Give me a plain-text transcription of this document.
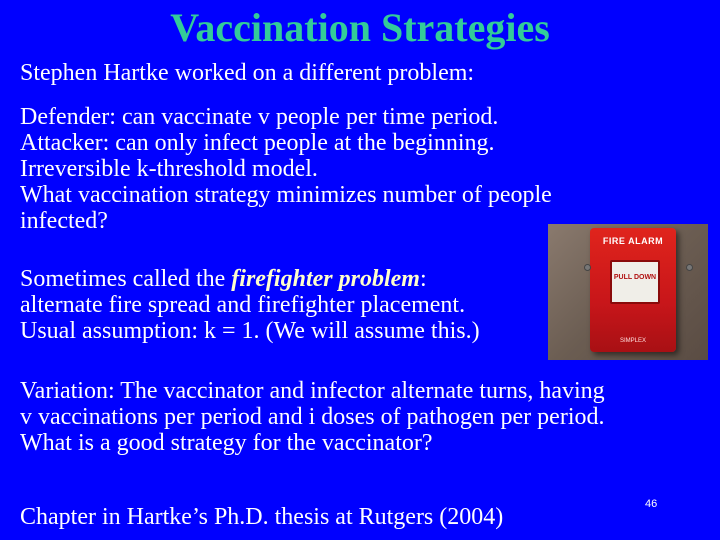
Vaccination Strategies
Stephen Hartke worked on a different problem:
Defender: can vaccinate v people per time period.
Attacker: can only infect people at the beginning.
Irreversible k-threshold model.
What vaccination strategy minimizes number of people
infected?
FIRE ALARM
PULL DOWN
SIMPLEX
Sometimes called the firefighter problem:
alternate fire spread and firefighter placement.
Usual assumption: k = 1. (We will assume this.)
Variation: The vaccinator and infector alternate turns, having
v vaccinations per period and i doses of pathogen per period.
What is a good strategy for the vaccinator?
Chapter in Hartke’s Ph.D. thesis at Rutgers (2004)	46
